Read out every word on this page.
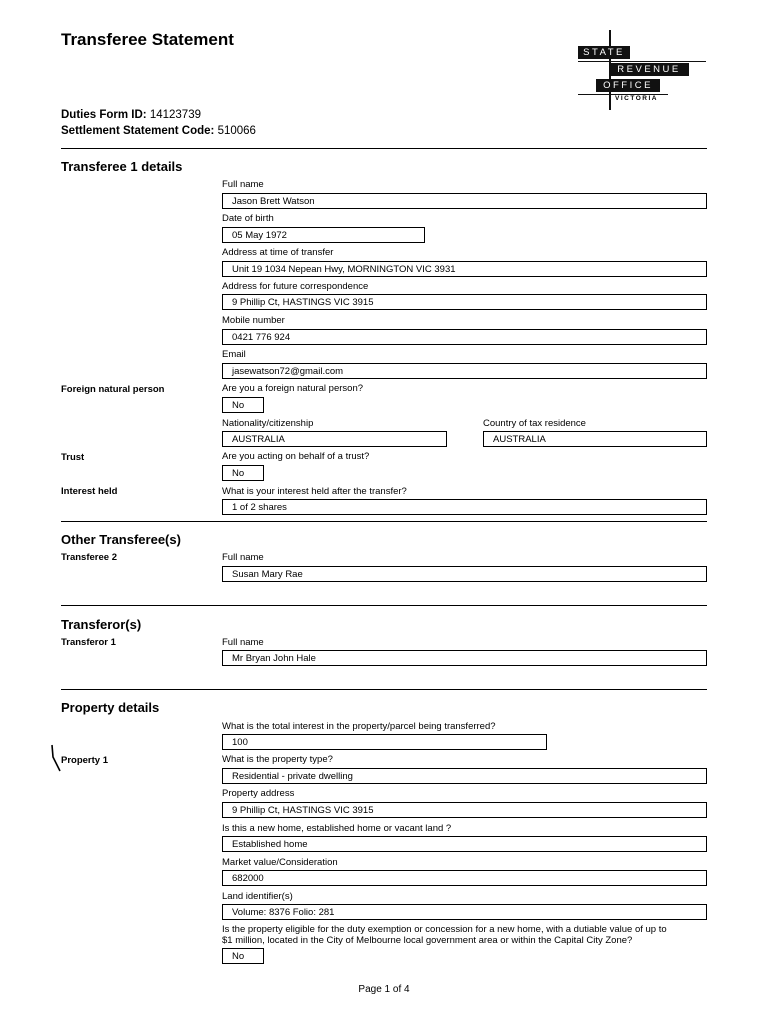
Transferee Statement
STATE
REVENUE
OFFICE
VICTORIA
Duties Form ID: 14123739
Settlement Statement Code: 510066
Transferee 1 details
Full name
Jason Brett Watson
Date of birth
05 May 1972
Address at time of transfer
Unit 19 1034 Nepean Hwy, MORNINGTON VIC 3931
Address for future correspondence
9 Phillip Ct, HASTINGS VIC 3915
Mobile number
0421 776 924
Email
jasewatson72@gmail.com
Foreign natural person	Are you a foreign natural person?
No
Nationality/citizenship
AUSTRALIA
Country of tax residence
AUSTRALIA
Trust	Are you acting on behalf of a trust?
No
Interest held	What is your interest held after the transfer?
1 of 2 shares
Other Transferee(s)
Transferee 2	Full name
Susan Mary Rae
Transferor(s)
Transferor 1	Full name
Mr Bryan John Hale
Property details
What is the total interest in the property/parcel being transferred?
100
Property 1	What is the property type?
Residential - private dwelling
Property address
9 Phillip Ct, HASTINGS VIC 3915
Is this a new home, established home or vacant land ?
Established home
Market value/Consideration
682000
Land identifier(s)
Volume: 8376 Folio: 281
Is the property eligible for the duty exemption or concession for a new home, with a dutiable value of up to
$1 million, located in the City of Melbourne local government area or within the Capital City Zone?
No
Page 1 of 4
